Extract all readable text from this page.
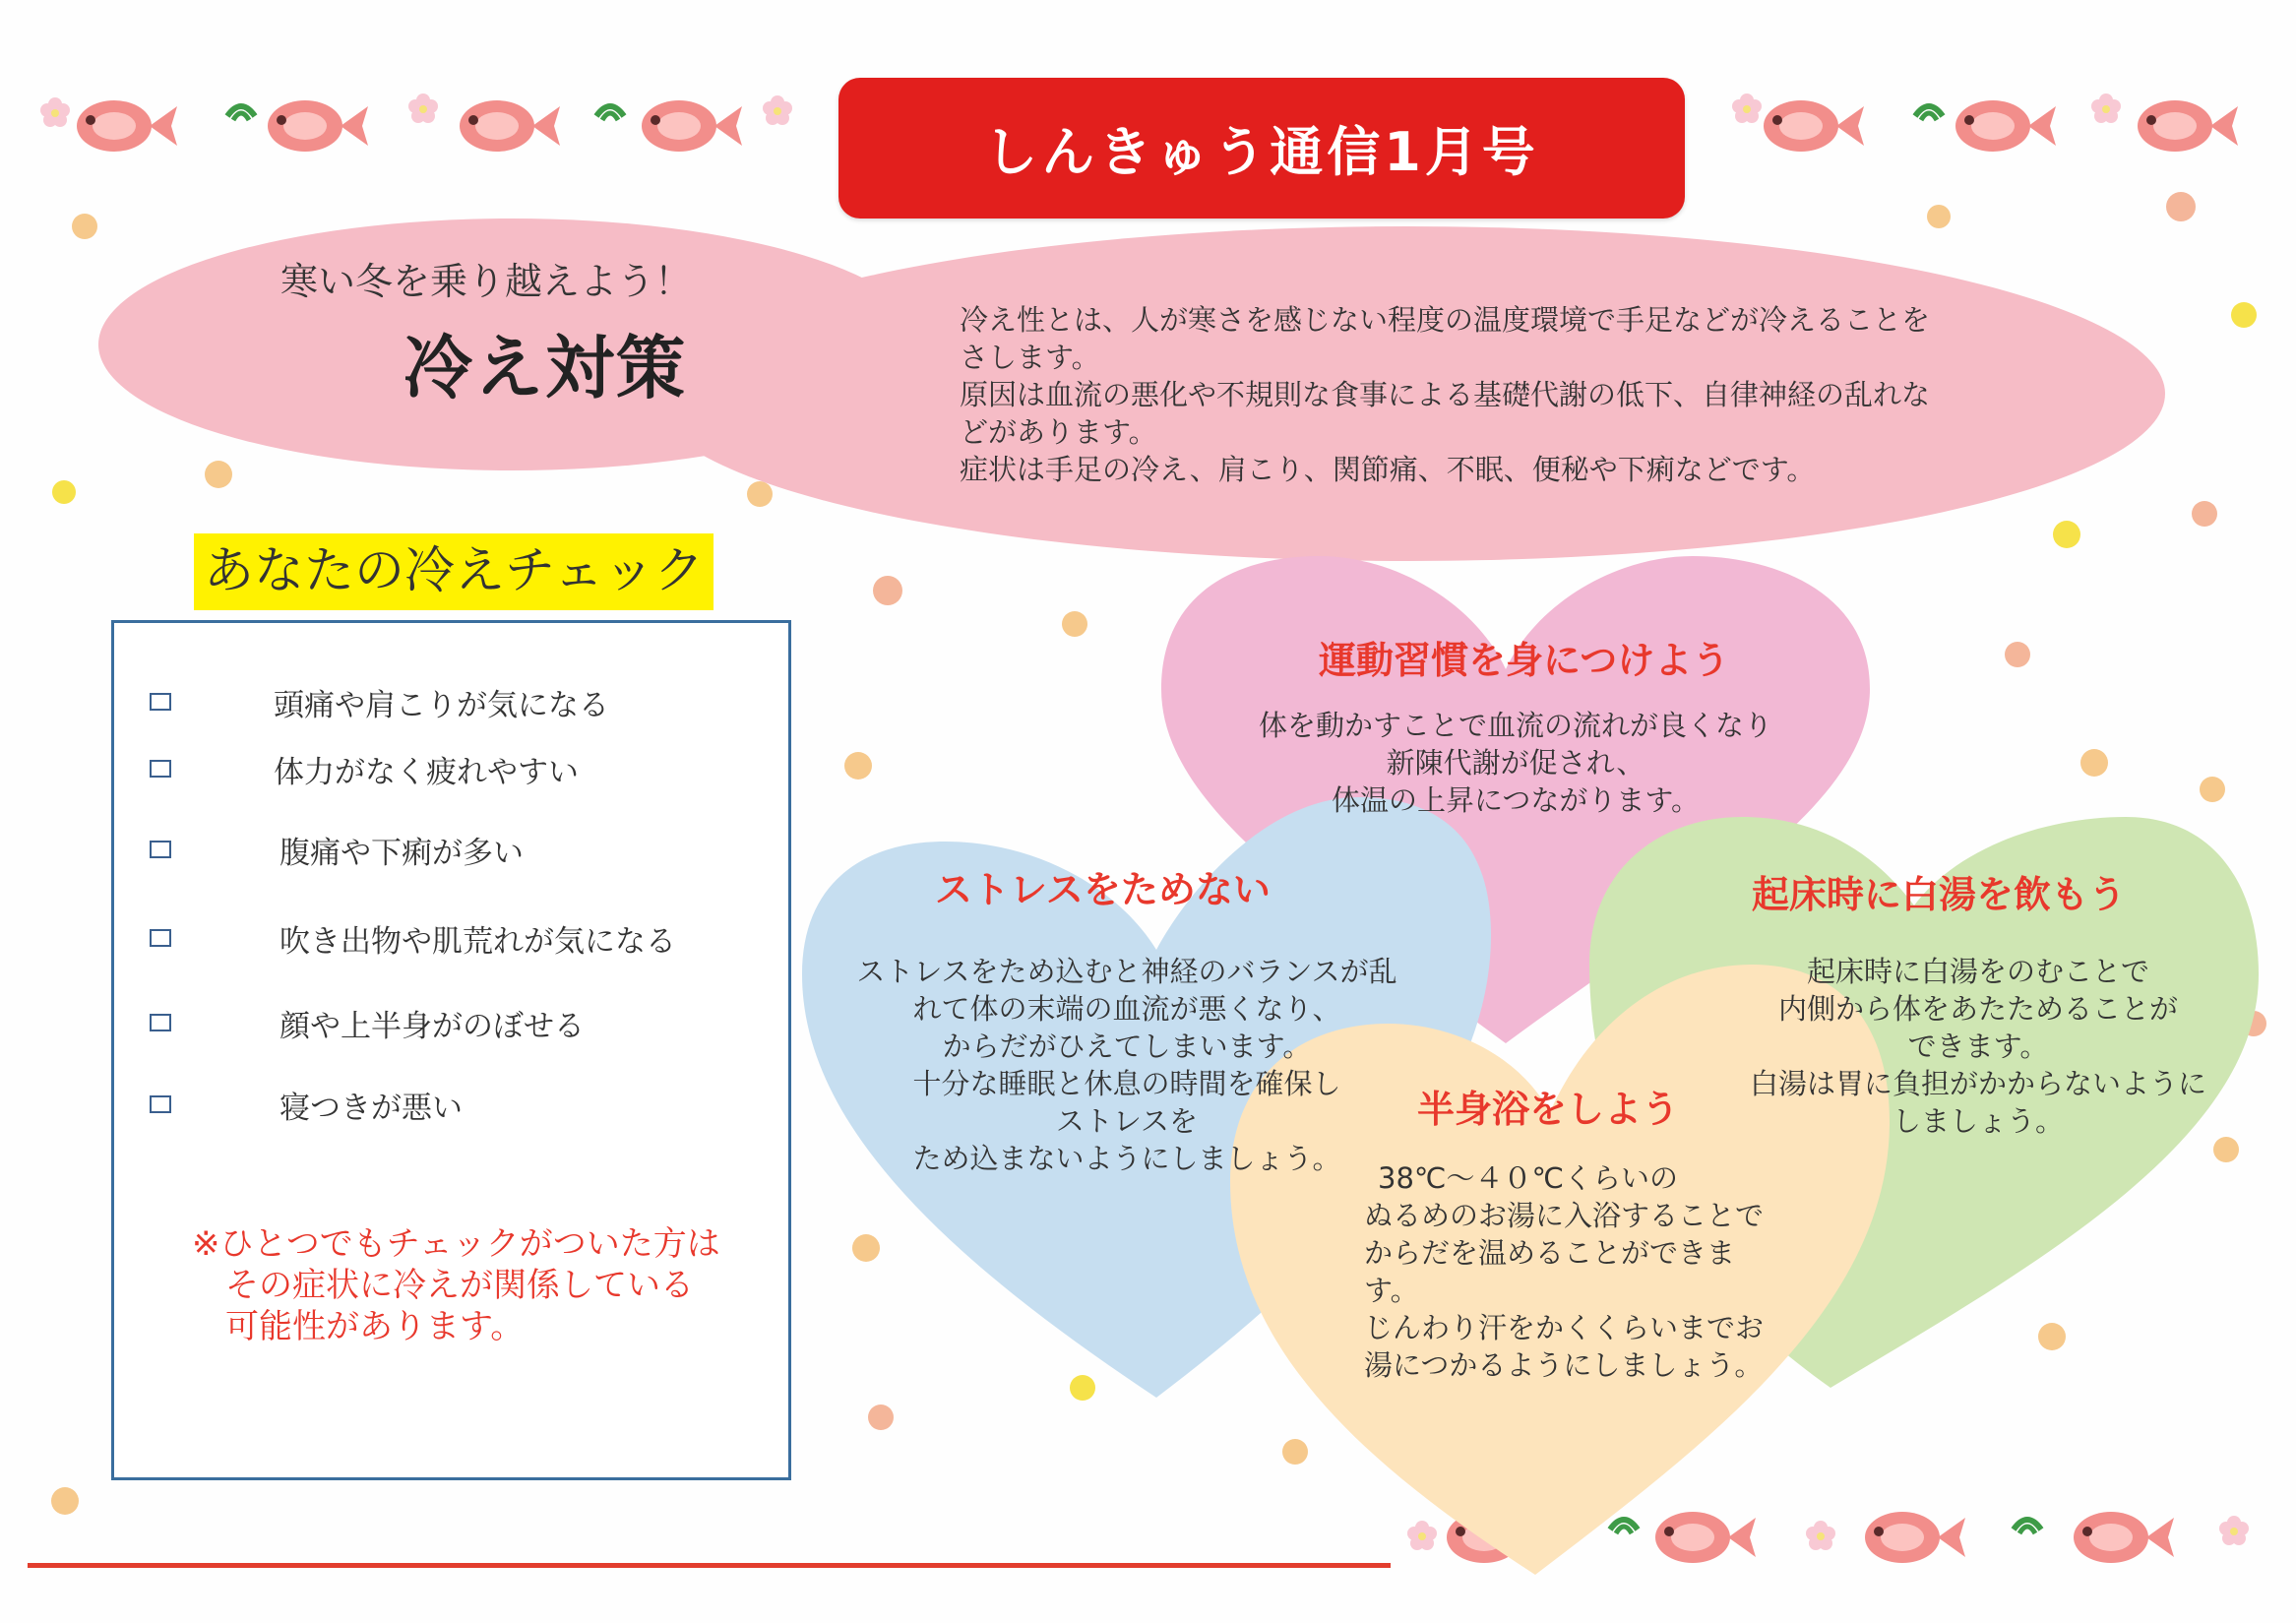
しんきゅう通信1月号
寒い冬を乗り越えよう！
冷え対策
冷え性とは、人が寒さを感じない程度の温度環境で手足などが冷えることを
さします。
原因は血流の悪化や不規則な食事による基礎代謝の低下、自律神経の乱れな
どがあります。
症状は手足の冷え、肩こり、関節痛、不眠、便秘や下痢などです。
あなたの冷えチェック
頭痛や肩こりが気になる
体力がなく疲れやすい
腹痛や下痢が多い
吹き出物や肌荒れが気になる
顔や上半身がのぼせる
寝つきが悪い
※ひとつでもチェックがついた方は
その症状に冷えが関係している
可能性があります。
運動習慣を身につけよう
体を動かすことで血流の流れが良くなり
新陳代謝が促され、
体温の上昇につながります。
ストレスをためない
ストレスをため込むと神経のバランスが乱
れて体の末端の血流が悪くなり、
からだがひえてしまいます。
十分な睡眠と休息の時間を確保し
ストレスを
ため込まないようにしましょう。
起床時に白湯を飲もう
起床時に白湯をのむことで
内側から体をあたためることが
できます。
白湯は胃に負担がかからないように
しましょう。
半身浴をしよう
38℃～４０℃くらいの
ぬるめのお湯に入浴することで
からだを温めることができます。
じんわり汗をかくくらいまでお
湯につかるようにしましょう。
